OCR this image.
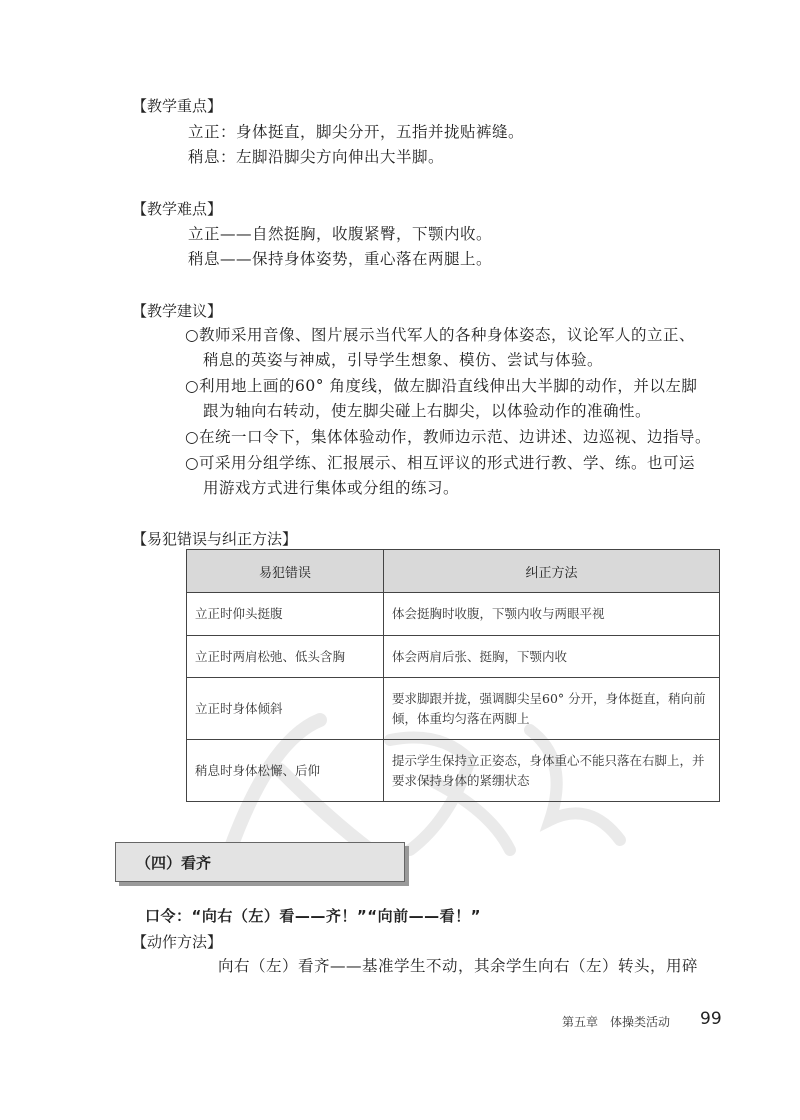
【教学重点】
立正：身体挺直，脚尖分开，五指并拢贴裤缝。
稍息：左脚沿脚尖方向伸出大半脚。
【教学难点】
立正——自然挺胸，收腹紧臀，下颚内收。
稍息——保持身体姿势，重心落在两腿上。
【教学建议】
○教师采用音像、图片展示当代军人的各种身体姿态，议论军人的立正、
稍息的英姿与神威，引导学生想象、模仿、尝试与体验。
○利用地上画的60° 角度线，做左脚沿直线伸出大半脚的动作，并以左脚
跟为轴向右转动，使左脚尖碰上右脚尖，以体验动作的准确性。
○在统一口令下，集体体验动作，教师边示范、边讲述、边巡视、边指导。
○可采用分组学练、汇报展示、相互评议的形式进行教、学、练。也可运
用游戏方式进行集体或分组的练习。
【易犯错误与纠正方法】
易犯错误	纠正方法
立正时仰头挺腹	体会挺胸时收腹，下颚内收与两眼平视
立正时两肩松弛、低头含胸	体会两肩后张、挺胸，下颚内收
立正时身体倾斜	要求脚跟并拢，强调脚尖呈60° 分开，身体挺直，稍向前倾，体重均匀落在两脚上
稍息时身体松懈、后仰	提示学生保持立正姿态，身体重心不能只落在右脚上，并要求保持身体的紧绷状态
（四）看齐
口令：“向右（左）看——齐！”“向前——看！”
【动作方法】
向右（左）看齐——基准学生不动，其余学生向右（左）转头，用碎
第五章　体操类活动 99
